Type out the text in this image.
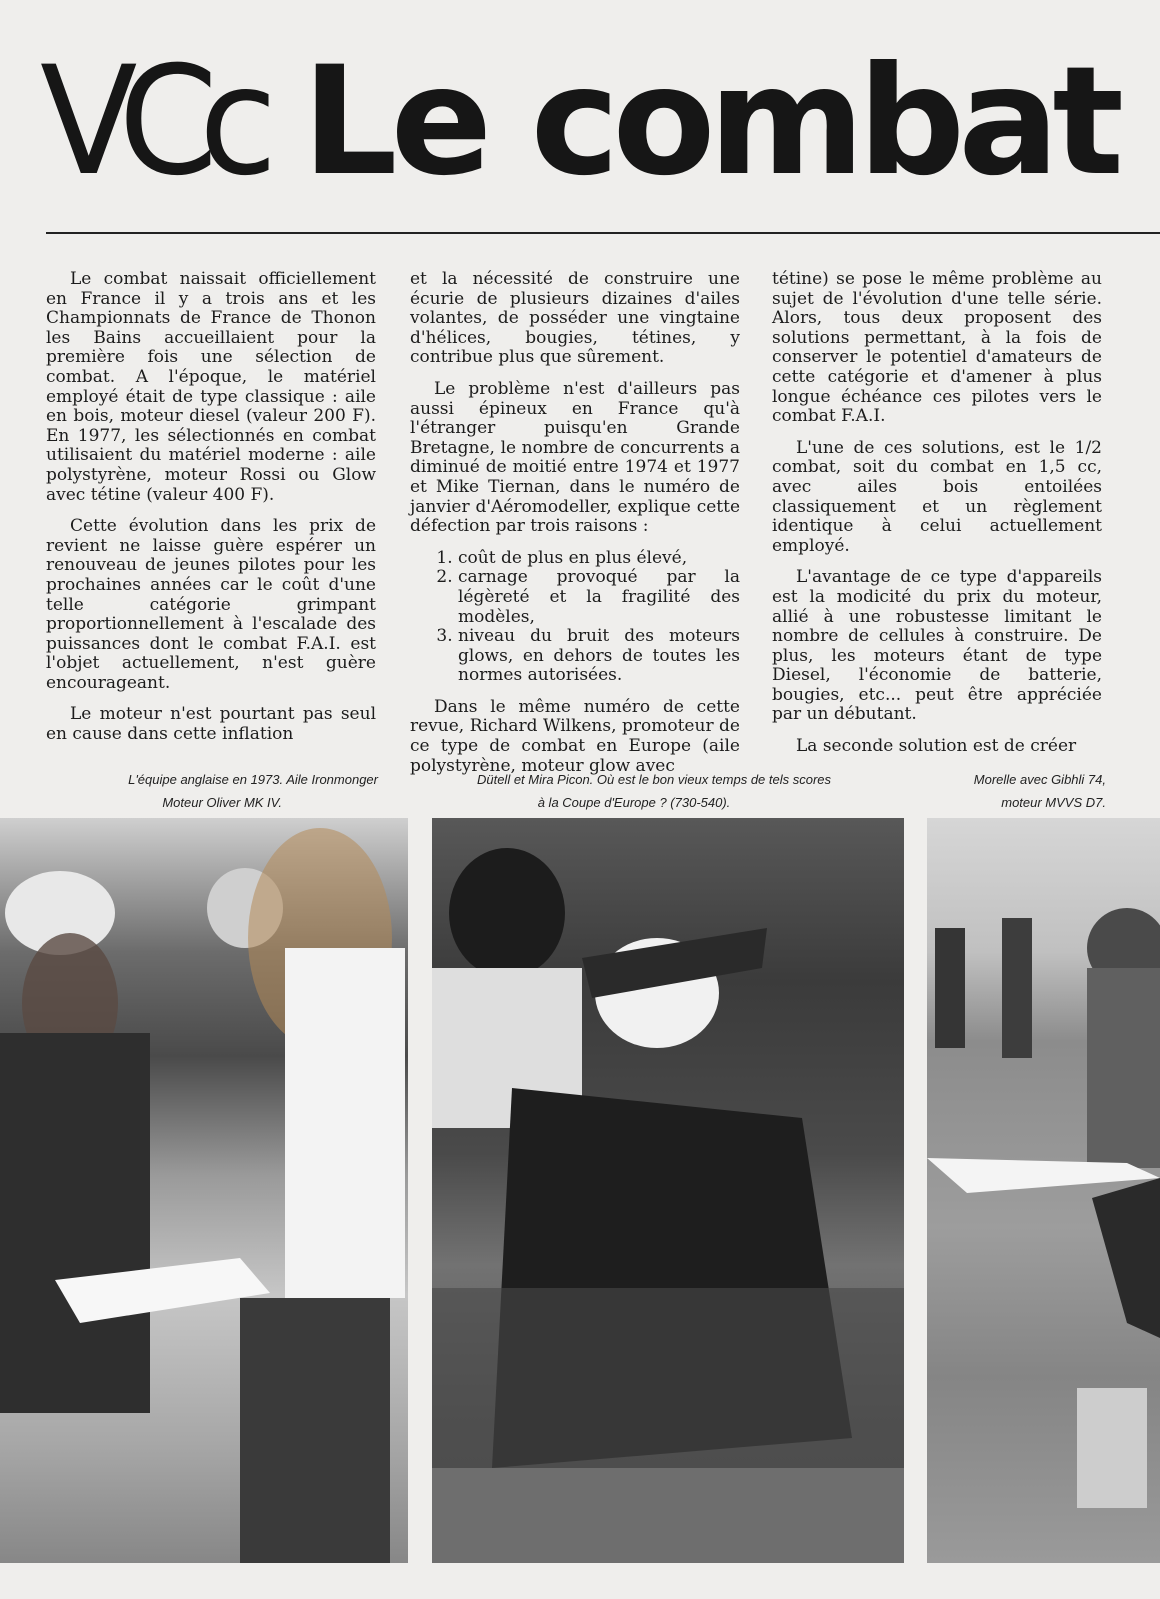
VCc Le combat

Le combat naissait officiellement en France il y a trois ans et les Championnats de France de Thonon les Bains accueillaient pour la première fois une sélection de combat. A l'époque, le matériel employé était de type classique : aile en bois, moteur diesel (valeur 200 F). En 1977, les sélectionnés en combat utilisaient du matériel moderne : aile polystyrène, moteur Rossi ou Glow avec tétine (valeur 400 F).

Cette évolution dans les prix de revient ne laisse guère espérer un renouveau de jeunes pilotes pour les prochaines années car le coût d'une telle catégorie grimpant proportionnellement à l'escalade des puissances dont le combat F.A.I. est l'objet actuellement, n'est guère encourageant.

Le moteur n'est pourtant pas seul en cause dans cette inflation

et la nécessité de construire une écurie de plusieurs dizaines d'ailes volantes, de posséder une vingtaine d'hélices, bougies, tétines, y contribue plus que sûrement.

Le problème n'est d'ailleurs pas aussi épineux en France qu'à l'étranger puisqu'en Grande Bretagne, le nombre de concurrents a diminué de moitié entre 1974 et 1977 et Mike Tiernan, dans le numéro de janvier d'Aéromodeller, explique cette défection par trois raisons :

1. coût de plus en plus élevé,
2. carnage provoqué par la légèreté et la fragilité des modèles,
3. niveau du bruit des moteurs glows, en dehors de toutes les normes autorisées.

Dans le même numéro de cette revue, Richard Wilkens, promoteur de ce type de combat en Europe (aile polystyrène, moteur glow avec

tétine) se pose le même problème au sujet de l'évolution d'une telle série. Alors, tous deux proposent des solutions permettant, à la fois de conserver le potentiel d'amateurs de cette catégorie et d'amener à plus longue échéance ces pilotes vers le combat F.A.I.

L'une de ces solutions, est le 1/2 combat, soit du combat en 1,5 cc, avec ailes bois entoilées classiquement et un règlement identique à celui actuellement employé.

L'avantage de ce type d'appareils est la modicité du prix du moteur, allié à une robustesse limitant le nombre de cellules à construire. De plus, les moteurs étant de type Diesel, l'économie de batterie, bougies, etc... peut être appréciée par un débutant.

La seconde solution est de créer

L'équipe anglaise en 1973. Aile Ironmonger
Moteur Oliver MK IV.
Dütell et Mira Picon. Où est le bon vieux temps de tels scores
à la Coupe d'Europe ? (730-540).
Morelle avec Gibhli 74,
moteur MVVS D7.
